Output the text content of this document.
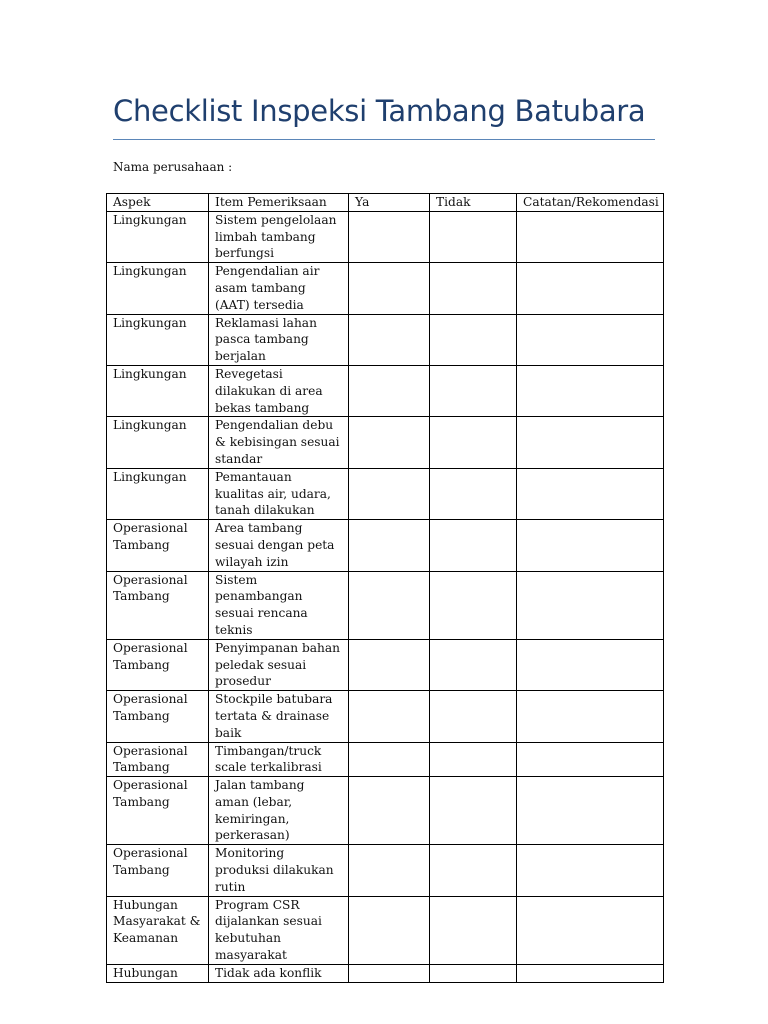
Checklist Inspeksi Tambang Batubara
Nama perusahaan :
Aspek	Item Pemeriksaan	Ya	Tidak	Catatan/Rekomendasi
Lingkungan	Sistem pengelolaan limbah tambang berfungsi			
Lingkungan	Pengendalian air asam tambang (AAT) tersedia			
Lingkungan	Reklamasi lahan pasca tambang berjalan			
Lingkungan	Revegetasi dilakukan di area bekas tambang			
Lingkungan	Pengendalian debu & kebisingan sesuai standar			
Lingkungan	Pemantauan kualitas air, udara, tanah dilakukan			
Operasional Tambang	Area tambang sesuai dengan peta wilayah izin			
Operasional Tambang	Sistem penambangan sesuai rencana teknis			
Operasional Tambang	Penyimpanan bahan peledak sesuai prosedur			
Operasional Tambang	Stockpile batubara tertata & drainase baik			
Operasional Tambang	Timbangan/truck scale terkalibrasi			
Operasional Tambang	Jalan tambang aman (lebar, kemiringan, perkerasan)			
Operasional Tambang	Monitoring produksi dilakukan rutin			
Hubungan Masyarakat & Keamanan	Program CSR dijalankan sesuai kebutuhan masyarakat			
Hubungan	Tidak ada konflik			
